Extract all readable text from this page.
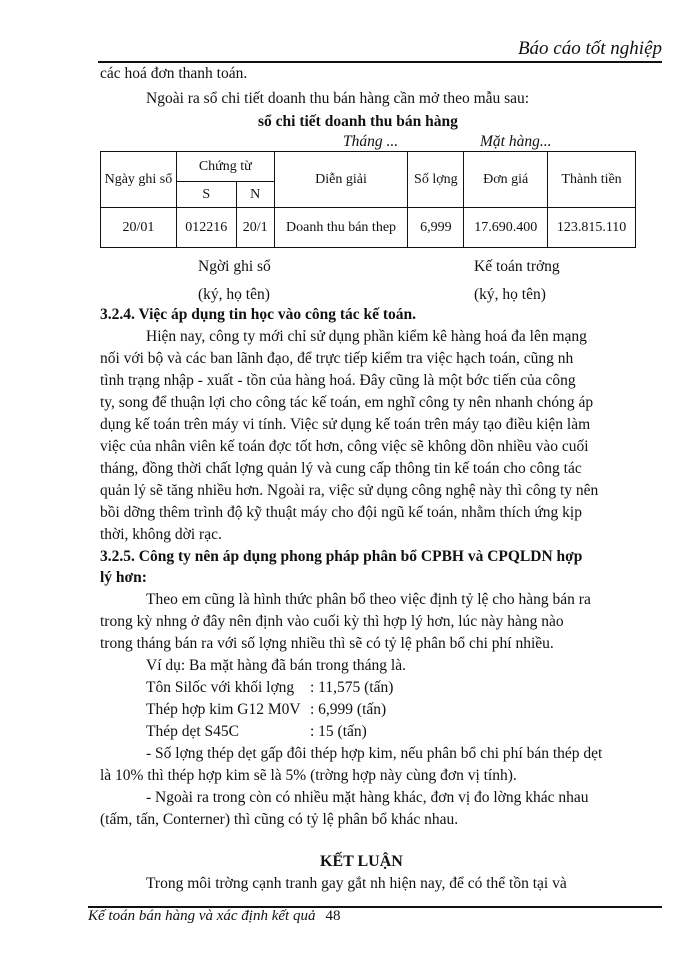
Báo cáo tốt nghiệp
các hoá đơn thanh toán.
Ngoài ra sổ chi tiết doanh thu bán hàng cần mở theo mẫu sau:
sổ chi tiết doanh thu bán hàng
Tháng ...	Mặt hàng...
Ngày ghi sổ	Chứng từ		Diễn giải	Số lợng	Đơn giá	Thành tiền
	S	N				
20/01	012216	20/1	Doanh thu bán thep	6,999	17.690.400	123.815.110
Ngời ghi sổ
(ký, họ tên)
Kế toán trởng
(ký, họ tên)
3.2.4. Việc áp dụng tin học vào công tác kế toán.
Hiện nay, công ty mới chỉ sử dụng phần kiểm kê hàng hoá đa lên mạng
nối với bộ và các ban lãnh đạo, để trực tiếp kiểm tra việc hạch toán, cũng nh
tình trạng nhập - xuất - tồn của hàng hoá. Đây cũng là một bớc tiến của công
ty, song để thuận lợi cho công tác kế toán, em nghĩ công ty nên nhanh chóng áp
dụng kế toán trên máy vi tính. Việc sử dụng kế toán trên máy tạo điều kiện làm
việc của nhân viên kế toán đợc tốt hơn, công việc sẽ không dồn nhiều vào cuối
tháng, đồng thời chất lợng quản lý và cung cấp thông tin kế toán cho công tác
quản lý sẽ tăng nhiều hơn. Ngoài ra, việc sử dụng công nghệ này thì công ty nên
bồi dỡng thêm trình độ kỹ thuật máy cho đội ngũ kế toán, nhằm thích ứng kịp
thời, không dời rạc.
3.2.5. Công ty nên áp dụng phong pháp phân bổ CPBH và CPQLDN hợp
lý hơn:
Theo em cũng là hình thức phân bổ theo việc định tỷ lệ cho hàng bán ra
trong kỳ nhng ở đây nên định vào cuối kỳ thì hợp lý hơn, lúc này hàng nào
trong tháng bán ra với số lợng nhiều thì sẽ có tỷ lệ phân bổ chi phí nhiều.
Ví dụ: Ba mặt hàng đã bán trong tháng là.
Tôn Silốc với khối lợng : 11,575 (tấn)
Thép hợp kim G12 M0V : 6,999 (tấn)
Thép dẹt S45C	: 15 (tấn)
- Số lợng thép dẹt gấp đôi thép hợp kim, nếu phân bổ chi phí bán thép dẹt
là 10% thì thép hợp kim sẽ là 5% (trờng hợp này cùng đơn vị tính).
- Ngoài ra trong còn có nhiều mặt hàng khác, đơn vị đo lờng khác nhau
(tấm, tấn, Conterner) thì cũng có tỷ lệ phân bổ khác nhau.
KẾT LUẬN
Trong môi trờng cạnh tranh gay gắt nh hiện nay, để có thể tồn tại và
Kế toán bán hàng và xác định kết quả 48
